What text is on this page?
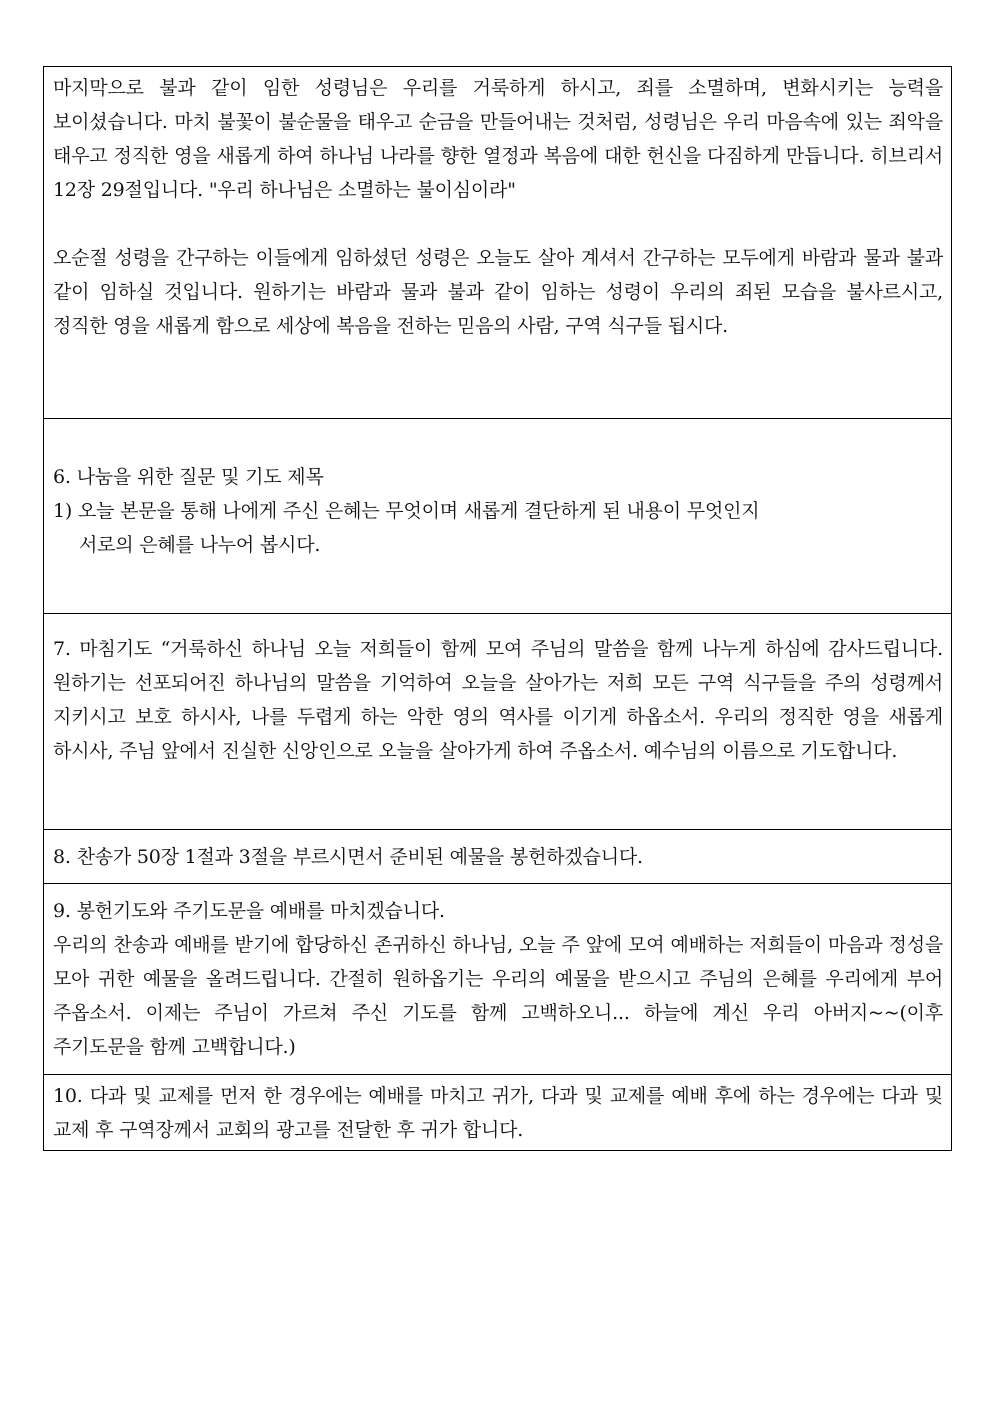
마지막으로 불과 같이 임한 성령님은 우리를 거룩하게 하시고, 죄를 소멸하며, 변화시키는 능력을 보이셨습니다. 마치 불꽃이 불순물을 태우고 순금을 만들어내는 것처럼, 성령님은 우리 마음속에 있는 죄악을 태우고 정직한 영을 새롭게 하여 하나님 나라를 향한 열정과 복음에 대한 헌신을 다짐하게 만듭니다. 히브리서 12장 29절입니다. "우리 하나님은 소멸하는 불이심이라"

오순절 성령을 간구하는 이들에게 임하셨던 성령은 오늘도 살아 계셔서 간구하는 모두에게 바람과 물과 불과 같이 임하실 것입니다. 원하기는 바람과 물과 불과 같이 임하는 성령이 우리의 죄된 모습을 불사르시고, 정직한 영을 새롭게 함으로 세상에 복음을 전하는 믿음의 사람, 구역 식구들 됩시다.

6. 나눔을 위한 질문 및 기도 제목

1) 오늘 본문을 통해 나에게 주신 은혜는 무엇이며 새롭게 결단하게 된 내용이 무엇인지

서로의 은혜를 나누어 봅시다.

7. 마침기도 “거룩하신 하나님 오늘 저희들이 함께 모여 주님의 말씀을 함께 나누게 하심에 감사드립니다. 원하기는 선포되어진 하나님의 말씀을 기억하여 오늘을 살아가는 저희 모든 구역 식구들을 주의 성령께서 지키시고 보호 하시사, 나를 두렵게 하는 악한 영의 역사를 이기게 하옵소서. 우리의 정직한 영을 새롭게 하시사, 주님 앞에서 진실한 신앙인으로 오늘을 살아가게 하여 주옵소서. 예수님의 이름으로 기도합니다.

8. 찬송가 50장 1절과 3절을 부르시면서 준비된 예물을 봉헌하겠습니다.

9. 봉헌기도와 주기도문을 예배를 마치겠습니다.

우리의 찬송과 예배를 받기에 합당하신 존귀하신 하나님, 오늘 주 앞에 모여 예배하는 저희들이 마음과 정성을 모아 귀한 예물을 올려드립니다. 간절히 원하옵기는 우리의 예물을 받으시고 주님의 은혜를 우리에게 부어 주옵소서. 이제는 주님이 가르쳐 주신 기도를 함께 고백하오니... 하늘에 계신 우리 아버지~~(이후 주기도문을 함께 고백합니다.)

10. 다과 및 교제를 먼저 한 경우에는 예배를 마치고 귀가, 다과 및 교제를 예배 후에 하는 경우에는 다과 및 교제 후 구역장께서 교회의 광고를 전달한 후 귀가 합니다.
